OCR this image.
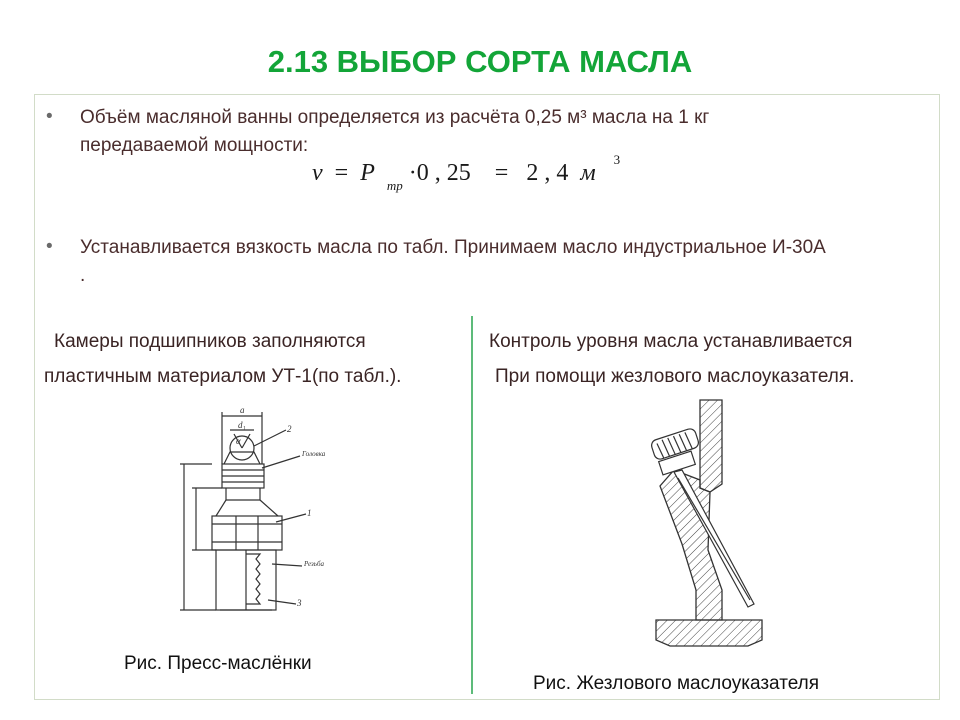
2.13 ВЫБОР СОРТА МАСЛА
• Объём масляной ванны определяется из расчёта 0,25 м³ масла на 1 кг
передаваемой мощности:
v = P $_{тр}$ ·0 , 25 = 2 , 4 м   $^3$
• Устанавливается вязкость масла по табл. Принимаем масло индустриальное И-30А
.
Камеры подшипников заполняются
пластичным материалом УТ-1(по табл.).
Контроль уровня масла устанавливается
При помощи жезлового маслоуказателя.
a
d₁
α
2
Головка
1
Резьба
3
Рис. Пресс-маслёнки
Рис. Жезлового маслоуказателя
